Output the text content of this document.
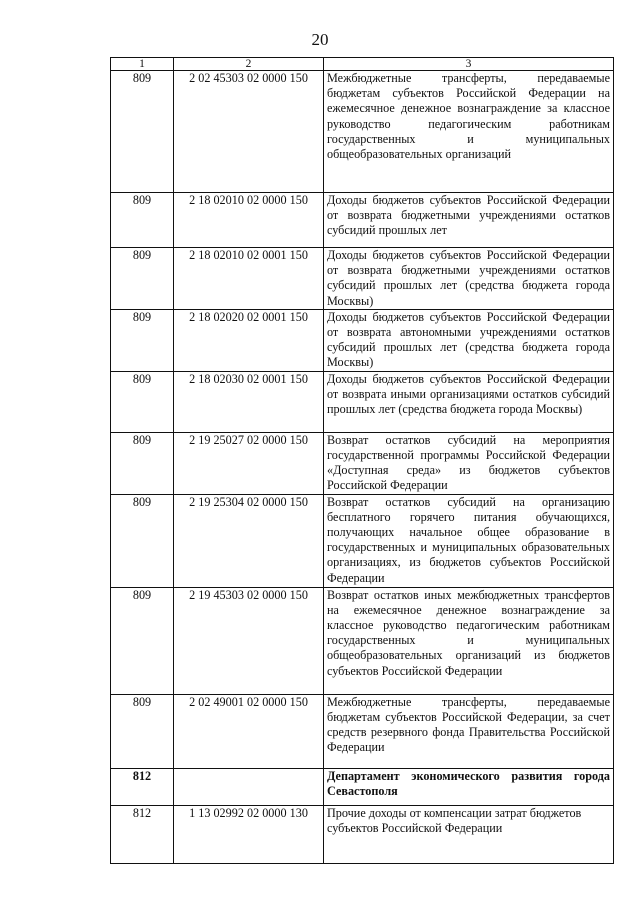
20
1	2	3
809	2 02 45303 02 0000 150	Межбюджетные трансферты, передаваемые бюджетам субъектов Российской Федерации на ежемесячное денежное вознаграждение за классное руководство педагогическим работникам государственных и муниципальных общеобразовательных организаций
809	2 18 02010 02 0000 150	Доходы бюджетов субъектов Российской Федерации от возврата бюджетными учреждениями остатков субсидий прошлых лет
809	2 18 02010 02 0001 150	Доходы бюджетов субъектов Российской Федерации от возврата бюджетными учреждениями остатков субсидий прошлых лет (средства бюджета города Москвы)
809	2 18 02020 02 0001 150	Доходы бюджетов субъектов Российской Федерации от возврата автономными учреждениями остатков субсидий прошлых лет (средства бюджета города Москвы)
809	2 18 02030 02 0001 150	Доходы бюджетов субъектов Российской Федерации от возврата иными организациями остатков субсидий прошлых лет (средства бюджета города Москвы)
809	2 19 25027 02 0000 150	Возврат остатков субсидий на мероприятия государственной программы Российской Федерации «Доступная среда» из бюджетов субъектов Российской Федерации
809	2 19 25304 02 0000 150	Возврат остатков субсидий на организацию бесплатного горячего питания обучающихся, получающих начальное общее образование в государственных и муниципальных образовательных организациях, из бюджетов субъектов Российской Федерации
809	2 19 45303 02 0000 150	Возврат остатков иных межбюджетных трансфертов на ежемесячное денежное вознаграждение за классное руководство педагогическим работникам государственных и муниципальных общеобразовательных организаций из бюджетов субъектов Российской Федерации
809	2 02 49001 02 0000 150	Межбюджетные трансферты, передаваемые бюджетам субъектов Российской Федерации, за счет средств резервного фонда Правительства Российской Федерации
812		Департамент экономического развития города Севастополя
812	1 13 02992 02 0000 130	Прочие доходы от компенсации затрат бюджетов субъектов Российской Федерации
